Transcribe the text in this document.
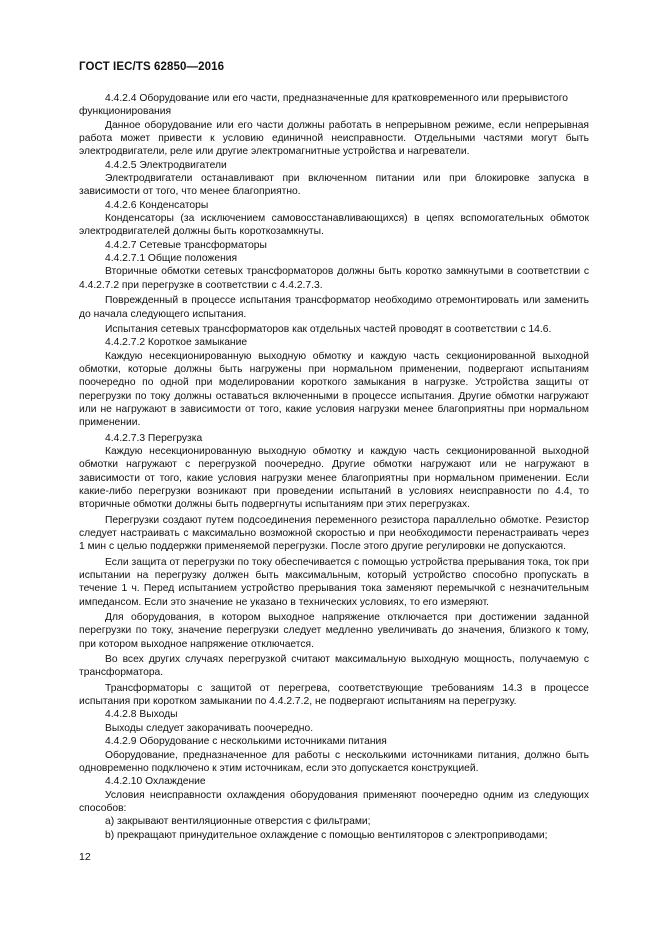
ГОСТ IEC/TS 62850—2016

4.4.2.4 Оборудование или его части, предназначенные для кратковременного или прерывистого функционирования

Данное оборудование или его части должны работать в непрерывном режиме, если непрерывная работа может привести к условию единичной неисправности. Отдельными частями могут быть электродвигатели, реле или другие электромагнитные устройства и нагреватели.

4.4.2.5 Электродвигатели

Электродвигатели останавливают при включенном питании или при блокировке запуска в зависимости от того, что менее благоприятно.

4.4.2.6 Конденсаторы

Конденсаторы (за исключением самовосстанавливающихся) в цепях вспомогательных обмоток электродвигателей должны быть короткозамкнуты.

4.4.2.7 Сетевые трансформаторы

4.4.2.7.1 Общие положения

Вторичные обмотки сетевых трансформаторов должны быть коротко замкнутыми в соответствии с 4.4.2.7.2 при перегрузке в соответствии с 4.4.2.7.3.

Поврежденный в процессе испытания трансформатор необходимо отремонтировать или заменить до начала следующего испытания.

Испытания сетевых трансформаторов как отдельных частей проводят в соответствии с 14.6.

4.4.2.7.2 Короткое замыкание

Каждую несекционированную выходную обмотку и каждую часть секционированной выходной обмотки, которые должны быть нагружены при нормальном применении, подвергают испытаниям поочередно по одной при моделировании короткого замыкания в нагрузке. Устройства защиты от перегрузки по току должны оставаться включенными в процессе испытания. Другие обмотки нагружают или не нагружают в зависимости от того, какие условия нагрузки менее благоприятны при нормальном применении.

4.4.2.7.3 Перегрузка

Каждую несекционированную выходную обмотку и каждую часть секционированной выходной обмотки нагружают с перегрузкой поочередно. Другие обмотки нагружают или не нагружают в зависимости от того, какие условия нагрузки менее благоприятны при нормальном применении. Если какие-либо перегрузки возникают при проведении испытаний в условиях неисправности по 4.4, то вторичные обмотки должны быть подвергнуты испытаниям при этих перегрузках.

Перегрузки создают путем подсоединения переменного резистора параллельно обмотке. Резистор следует настраивать с максимально возможной скоростью и при необходимости перенастраивать через 1 мин с целью поддержки применяемой перегрузки. После этого другие регулировки не допускаются.

Если защита от перегрузки по току обеспечивается с помощью устройства прерывания тока, ток при испытании на перегрузку должен быть максимальным, который устройство способно пропускать в течение 1 ч. Перед испытанием устройство прерывания тока заменяют перемычкой с незначительным импедансом. Если это значение не указано в технических условиях, то его измеряют.

Для оборудования, в котором выходное напряжение отключается при достижении заданной перегрузки по току, значение перегрузки следует медленно увеличивать до значения, близкого к тому, при котором выходное напряжение отключается.

Во всех других случаях перегрузкой считают максимальную выходную мощность, получаемую с трансформатора.

Трансформаторы с защитой от перегрева, соответствующие требованиям 14.3 в процессе испытания при коротком замыкании по 4.4.2.7.2, не подвергают испытаниям на перегрузку.

4.4.2.8 Выходы

Выходы следует закорачивать поочередно.

4.4.2.9 Оборудование с несколькими источниками питания

Оборудование, предназначенное для работы с несколькими источниками питания, должно быть одновременно подключено к этим источникам, если это допускается конструкцией.

4.4.2.10 Охлаждение

Условия неисправности охлаждения оборудования применяют поочередно одним из следующих способов:

a) закрывают вентиляционные отверстия с фильтрами;

b) прекращают принудительное охлаждение с помощью вентиляторов с электроприводами;

12
